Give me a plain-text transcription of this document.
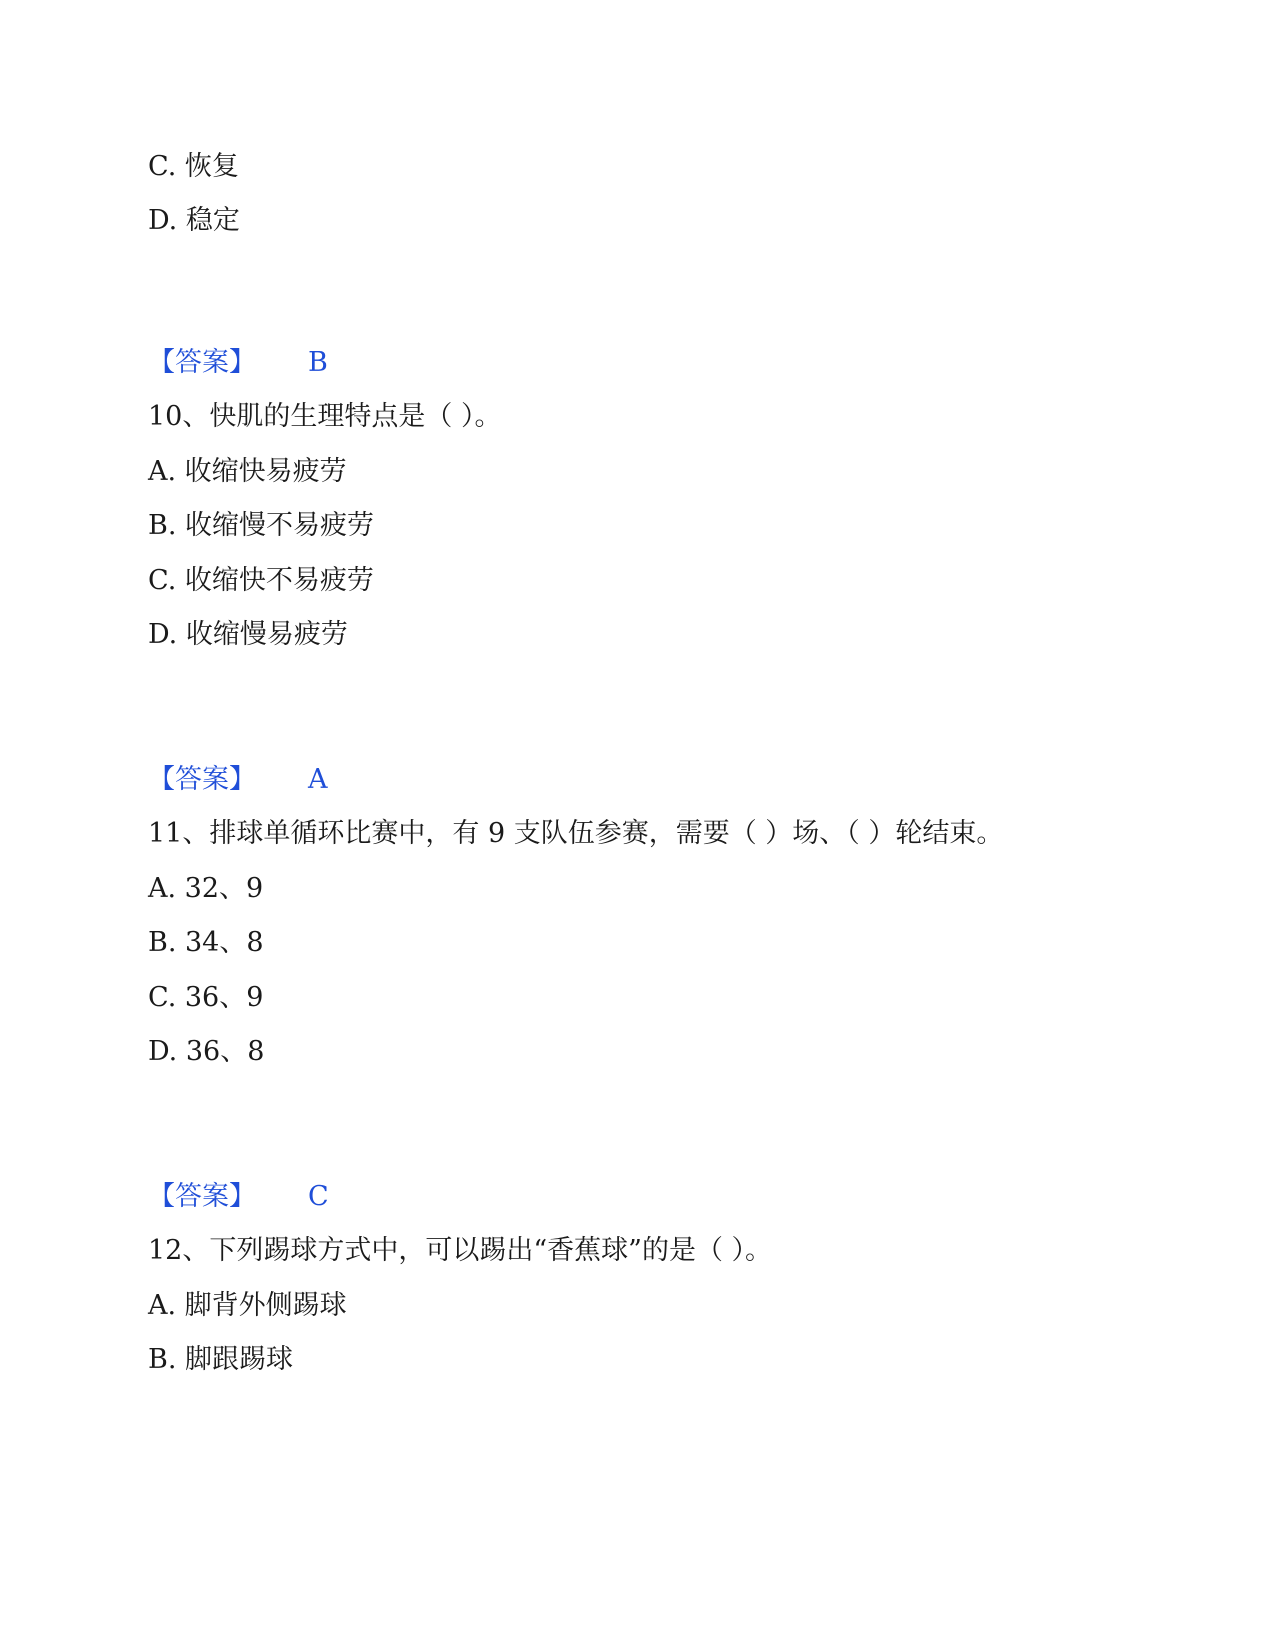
C. 恢复
D. 稳定
【答案】 B
10、快肌的生理特点是（ ）。
A. 收缩快易疲劳
B. 收缩慢不易疲劳
C. 收缩快不易疲劳
D. 收缩慢易疲劳
【答案】 A
11、排球单循环比赛中，有 9 支队伍参赛，需要（ ）场、（ ）轮结束。
A. 32、9
B. 34、8
C. 36、9
D. 36、8
【答案】 C
12、下列踢球方式中，可以踢出“香蕉球”的是（ ）。
A. 脚背外侧踢球
B. 脚跟踢球
